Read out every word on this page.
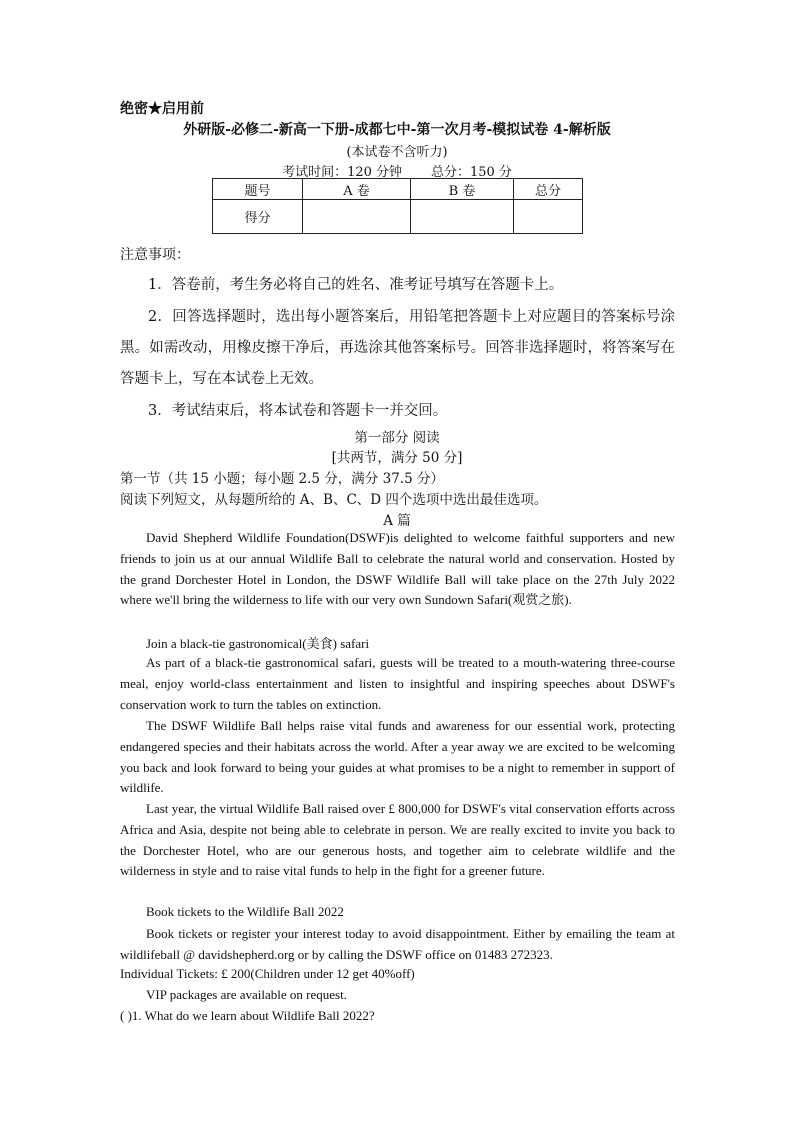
绝密★启用前
外研版-必修二-新高一下册-成都七中-第一次月考-模拟试卷 4-解析版
(本试卷不含听力)
考试时间：120 分钟 总分：150 分
题号	A 卷	B 卷	总分
得分			
注意事项：
1．答卷前，考生务必将自己的姓名、准考证号填写在答题卡上。
2．回答选择题时，选出每小题答案后，用铅笔把答题卡上对应题目的答案标号涂黑。如需改动，用橡皮擦干净后，再选涂其他答案标号。回答非选择题时，将答案写在答题卡上，写在本试卷上无效。
3．考试结束后，将本试卷和答题卡一并交回。
第一部分 阅读
[共两节，满分 50 分]
第一节（共 15 小题；每小题 2.5 分，满分 37.5 分）
阅读下列短文，从每题所给的 A、B、C、D 四个选项中选出最佳选项。
A 篇
David Shepherd Wildlife Foundation(DSWF)is delighted to welcome faithful supporters and new friends to join us at our annual Wildlife Ball to celebrate the natural world and conservation. Hosted by the grand Dorchester Hotel in London, the DSWF Wildlife Ball will take place on the 27th July 2022 where we'll bring the wilderness to life with our very own Sundown Safari(观赏之旅).
Join a black-tie gastronomical(美食) safari
As part of a black-tie gastronomical safari, guests will be treated to a mouth-watering three-course meal, enjoy world-class entertainment and listen to insightful and inspiring speeches about DSWF's conservation work to turn the tables on extinction.
The DSWF Wildlife Ball helps raise vital funds and awareness for our essential work, protecting endangered species and their habitats across the world. After a year away we are excited to be welcoming you back and look forward to being your guides at what promises to be a night to remember in support of wildlife.
Last year, the virtual Wildlife Ball raised over £ 800,000 for DSWF's vital conservation efforts across Africa and Asia, despite not being able to celebrate in person. We are really excited to invite you back to the Dorchester Hotel, who are our generous hosts, and together aim to celebrate wildlife and the wilderness in style and to raise vital funds to help in the fight for a greener future.
Book tickets to the Wildlife Ball 2022
Book tickets or register your interest today to avoid disappointment. Either by emailing the team at wildlifeball @ davidshepherd.org or by calling the DSWF office on 01483 272323.
Individual Tickets: £ 200(Children under 12 get 40%off)
VIP packages are available on request.
( )1. What do we learn about Wildlife Ball 2022?
